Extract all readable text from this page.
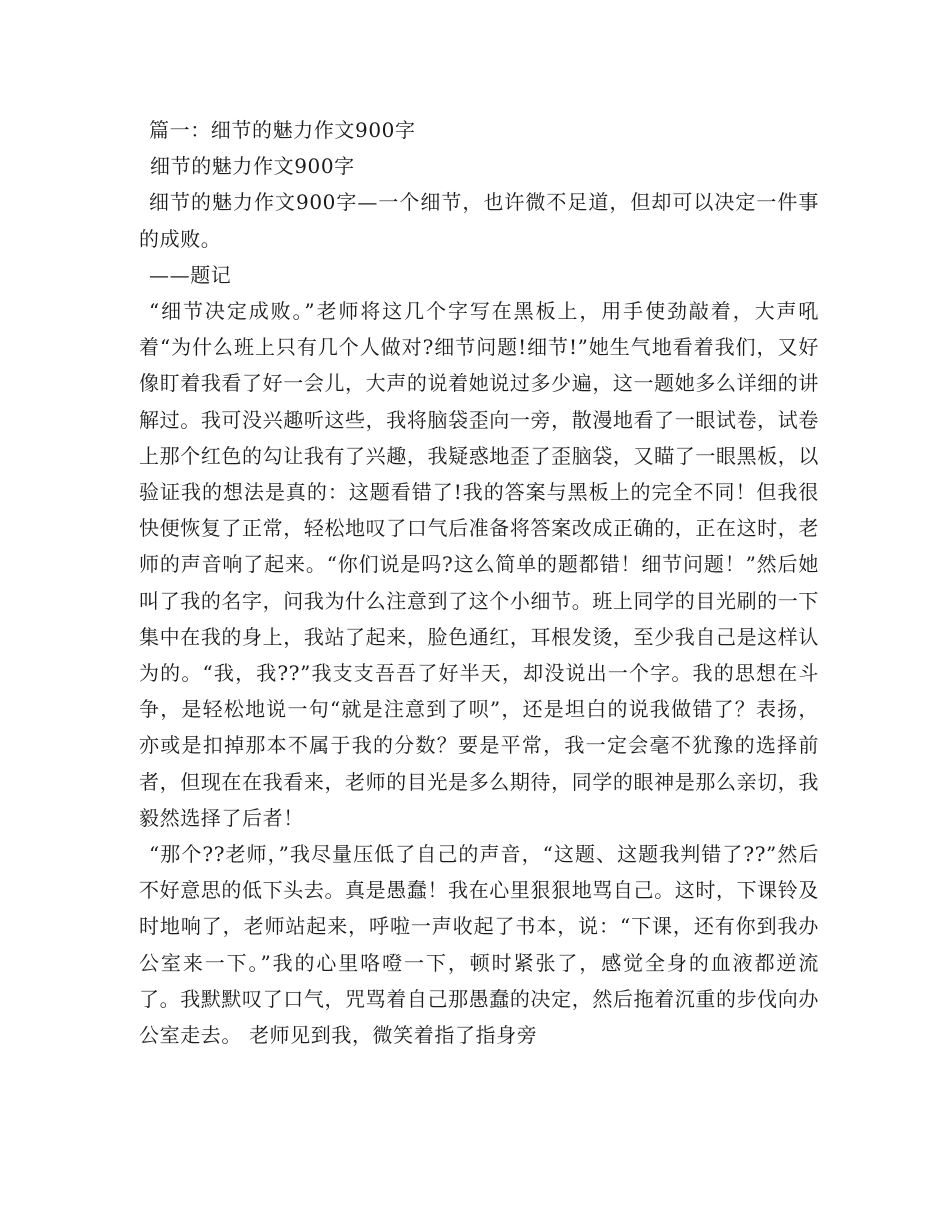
篇一：细节的魅力作文900字

细节的魅力作文900字

细节的魅力作文900字—一个细节，也许微不足道，但却可以决定一件事的成败。

——题记

“细节决定成败。”老师将这几个字写在黑板上，用手使劲敲着，大声吼着“为什么班上只有几个人做对?细节问题!细节!”她生气地看着我们，又好像盯着我看了好一会儿，大声的说着她说过多少遍，这一题她多么详细的讲解过。我可没兴趣听这些，我将脑袋歪向一旁，散漫地看了一眼试卷，试卷上那个红色的勾让我有了兴趣，我疑惑地歪了歪脑袋，又瞄了一眼黑板，以验证我的想法是真的：这题看错了!我的答案与黑板上的完全不同！但我很快便恢复了正常，轻松地叹了口气后准备将答案改成正确的，正在这时，老师的声音响了起来。“你们说是吗?这么简单的题都错！细节问题！”然后她叫了我的名字，问我为什么注意到了这个小细节。班上同学的目光刷的一下集中在我的身上，我站了起来，脸色通红，耳根发烫，至少我自己是这样认为的。“我，我??”我支支吾吾了好半天，却没说出一个字。我的思想在斗争，是轻松地说一句“就是注意到了呗”，还是坦白的说我做错了？表扬，亦或是扣掉那本不属于我的分数？要是平常，我一定会毫不犹豫的选择前者，但现在在我看来，老师的目光是多么期待，同学的眼神是那么亲切，我毅然选择了后者！

“那个??老师，”我尽量压低了自己的声音，“这题、这题我判错了??”然后不好意思的低下头去。真是愚蠢！我在心里狠狠地骂自己。这时，下课铃及时地响了，老师站起来，呼啦一声收起了书本，说：“下课，还有你到我办公室来一下。”我的心里咯噔一下，顿时紧张了，感觉全身的血液都逆流了。我默默叹了口气，咒骂着自己那愚蠢的决定，然后拖着沉重的步伐向办公室走去。 老师见到我，微笑着指了指身旁
